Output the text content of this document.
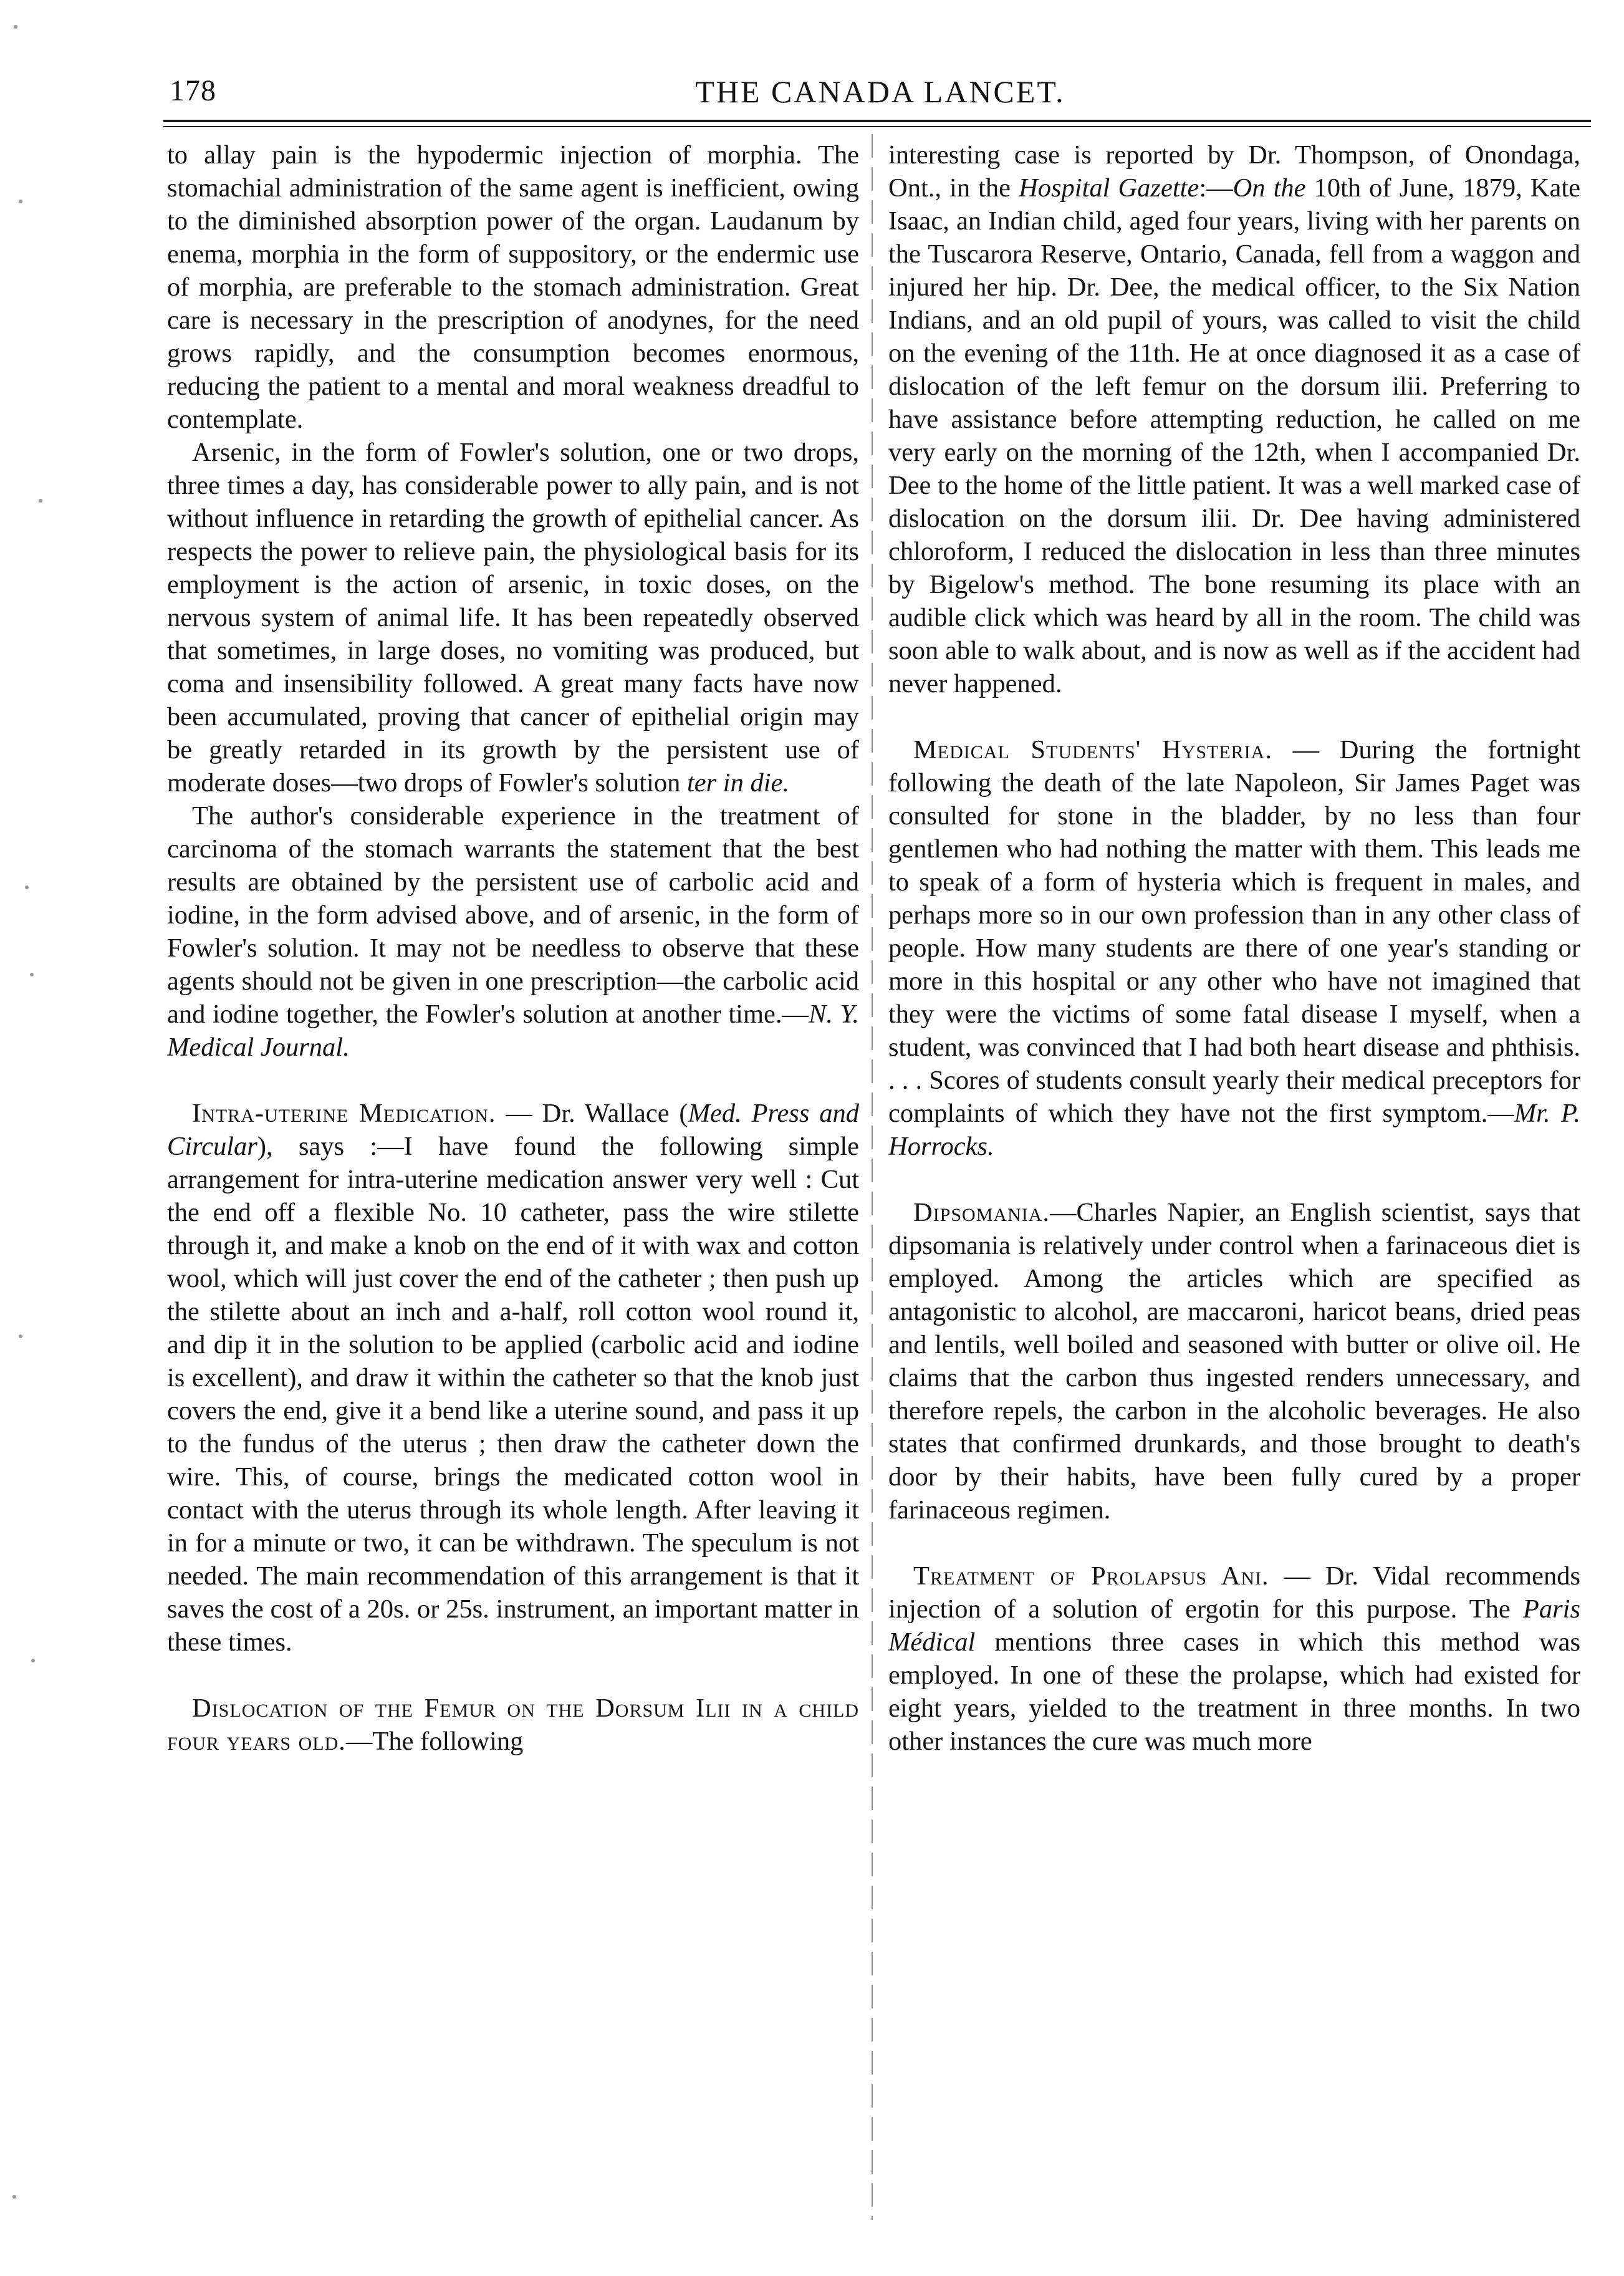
178	THE CANADA LANCET.

to allay pain is the hypodermic injection of morphia. The stomachial administration of the same agent is inefficient, owing to the diminished absorption power of the organ. Laudanum by enema, morphia in the form of suppository, or the endermic use of morphia, are preferable to the stomach administration. Great care is necessary in the prescription of anodynes, for the need grows rapidly, and the consumption becomes enormous, reducing the patient to a mental and moral weakness dreadful to contemplate.

Arsenic, in the form of Fowler's solution, one or two drops, three times a day, has considerable power to ally pain, and is not without influence in retarding the growth of epithelial cancer. As respects the power to relieve pain, the physiological basis for its employment is the action of arsenic, in toxic doses, on the nervous system of animal life. It has been repeatedly observed that sometimes, in large doses, no vomiting was produced, but coma and insensibility followed. A great many facts have now been accumulated, proving that cancer of epithelial origin may be greatly retarded in its growth by the persistent use of moderate doses—two drops of Fowler's solution ter in die.

The author's considerable experience in the treatment of carcinoma of the stomach warrants the statement that the best results are obtained by the persistent use of carbolic acid and iodine, in the form advised above, and of arsenic, in the form of Fowler's solution. It may not be needless to observe that these agents should not be given in one prescription—the carbolic acid and iodine together, the Fowler's solution at another time.—N. Y. Medical Journal.

Intra-uterine Medication. — Dr. Wallace (Med. Press and Circular), says :—I have found the following simple arrangement for intra-uterine medication answer very well : Cut the end off a flexible No. 10 catheter, pass the wire stilette through it, and make a knob on the end of it with wax and cotton wool, which will just cover the end of the catheter ; then push up the stilette about an inch and a-half, roll cotton wool round it, and dip it in the solution to be applied (carbolic acid and iodine is excellent), and draw it within the catheter so that the knob just covers the end, give it a bend like a uterine sound, and pass it up to the fundus of the uterus ; then draw the catheter down the wire. This, of course, brings the medicated cotton wool in contact with the uterus through its whole length. After leaving it in for a minute or two, it can be withdrawn. The speculum is not needed. The main recommendation of this arrangement is that it saves the cost of a 20s. or 25s. instrument, an important matter in these times.

Dislocation of the Femur on the Dorsum Ilii in a child four years old.—The following

interesting case is reported by Dr. Thompson, of Onondaga, Ont., in the Hospital Gazette:—On the 10th of June, 1879, Kate Isaac, an Indian child, aged four years, living with her parents on the Tuscarora Reserve, Ontario, Canada, fell from a waggon and injured her hip. Dr. Dee, the medical officer, to the Six Nation Indians, and an old pupil of yours, was called to visit the child on the evening of the 11th. He at once diagnosed it as a case of dislocation of the left femur on the dorsum ilii. Preferring to have assistance before attempting reduction, he called on me very early on the morning of the 12th, when I accompanied Dr. Dee to the home of the little patient. It was a well marked case of dislocation on the dorsum ilii. Dr. Dee having administered chloroform, I reduced the dislocation in less than three minutes by Bigelow's method. The bone resuming its place with an audible click which was heard by all in the room. The child was soon able to walk about, and is now as well as if the accident had never happened.

Medical Students' Hysteria. — During the fortnight following the death of the late Napoleon, Sir James Paget was consulted for stone in the bladder, by no less than four gentlemen who had nothing the matter with them. This leads me to speak of a form of hysteria which is frequent in males, and perhaps more so in our own profession than in any other class of people. How many students are there of one year's standing or more in this hospital or any other who have not imagined that they were the victims of some fatal disease I myself, when a student, was convinced that I had both heart disease and phthisis. . . . Scores of students consult yearly their medical preceptors for complaints of which they have not the first symptom.—Mr. P. Horrocks.

Dipsomania.—Charles Napier, an English scientist, says that dipsomania is relatively under control when a farinaceous diet is employed. Among the articles which are specified as antagonistic to alcohol, are maccaroni, haricot beans, dried peas and lentils, well boiled and seasoned with butter or olive oil. He claims that the carbon thus ingested renders unnecessary, and therefore repels, the carbon in the alcoholic beverages. He also states that confirmed drunkards, and those brought to death's door by their habits, have been fully cured by a proper farinaceous regimen.

Treatment of Prolapsus Ani. — Dr. Vidal recommends injection of a solution of ergotin for this purpose. The Paris Médical mentions three cases in which this method was employed. In one of these the prolapse, which had existed for eight years, yielded to the treatment in three months. In two other instances the cure was much more
